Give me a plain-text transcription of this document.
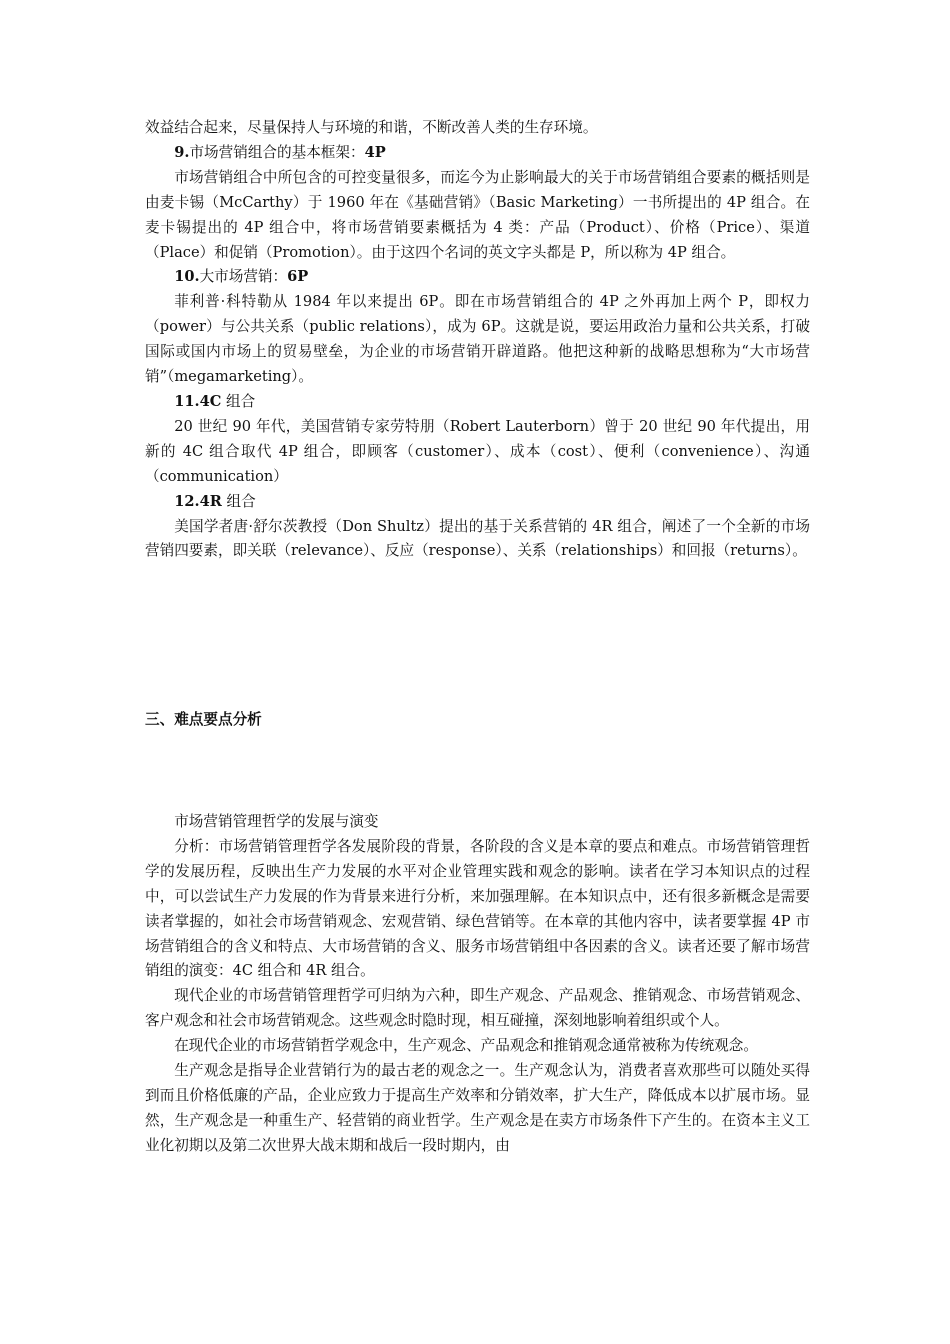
效益结合起来，尽量保持人与环境的和谐，不断改善人类的生存环境。

9.市场营销组合的基本框架：4P

市场营销组合中所包含的可控变量很多，而迄今为止影响最大的关于市场营销组合要素的概括则是由麦卡锡（McCarthy）于 1960 年在《基础营销》（Basic Marketing）一书所提出的 4P 组合。在麦卡锡提出的 4P 组合中，将市场营销要素概括为 4 类：产品（Product）、价格（Price）、渠道（Place）和促销（Promotion）。由于这四个名词的英文字头都是 P，所以称为 4P 组合。

10.大市场营销：6P

菲利普·科特勒从 1984 年以来提出 6P。即在市场营销组合的 4P 之外再加上两个 P，即权力（power）与公共关系（public relations），成为 6P。这就是说，要运用政治力量和公共关系，打破国际或国内市场上的贸易壁垒，为企业的市场营销开辟道路。他把这种新的战略思想称为“大市场营销”（megamarketing）。

11.4C 组合

20 世纪 90 年代，美国营销专家劳特朋（Robert Lauterborn）曾于 20 世纪 90 年代提出，用新的 4C 组合取代 4P 组合，即顾客（customer）、成本（cost）、便利（convenience）、沟通（communication）

12.4R 组合

美国学者唐·舒尔茨教授（Don Shultz）提出的基于关系营销的 4R 组合，阐述了一个全新的市场营销四要素，即关联（relevance）、反应（response）、关系（relationships）和回报（returns）。

三、难点要点分析

市场营销管理哲学的发展与演变

分析：市场营销管理哲学各发展阶段的背景，各阶段的含义是本章的要点和难点。市场营销管理哲学的发展历程，反映出生产力发展的水平对企业管理实践和观念的影响。读者在学习本知识点的过程中，可以尝试生产力发展的作为背景来进行分析，来加强理解。在本知识点中，还有很多新概念是需要读者掌握的，如社会市场营销观念、宏观营销、绿色营销等。在本章的其他内容中，读者要掌握 4P 市场营销组合的含义和特点、大市场营销的含义、服务市场营销组中各因素的含义。读者还要了解市场营销组的演变：4C 组合和 4R 组合。

现代企业的市场营销管理哲学可归纳为六种，即生产观念、产品观念、推销观念、市场营销观念、客户观念和社会市场营销观念。这些观念时隐时现，相互碰撞，深刻地影响着组织或个人。

在现代企业的市场营销哲学观念中，生产观念、产品观念和推销观念通常被称为传统观念。

生产观念是指导企业营销行为的最古老的观念之一。生产观念认为，消费者喜欢那些可以随处买得到而且价格低廉的产品，企业应致力于提高生产效率和分销效率，扩大生产，降低成本以扩展市场。显然，生产观念是一种重生产、轻营销的商业哲学。生产观念是在卖方市场条件下产生的。在资本主义工业化初期以及第二次世界大战末期和战后一段时期内，由
